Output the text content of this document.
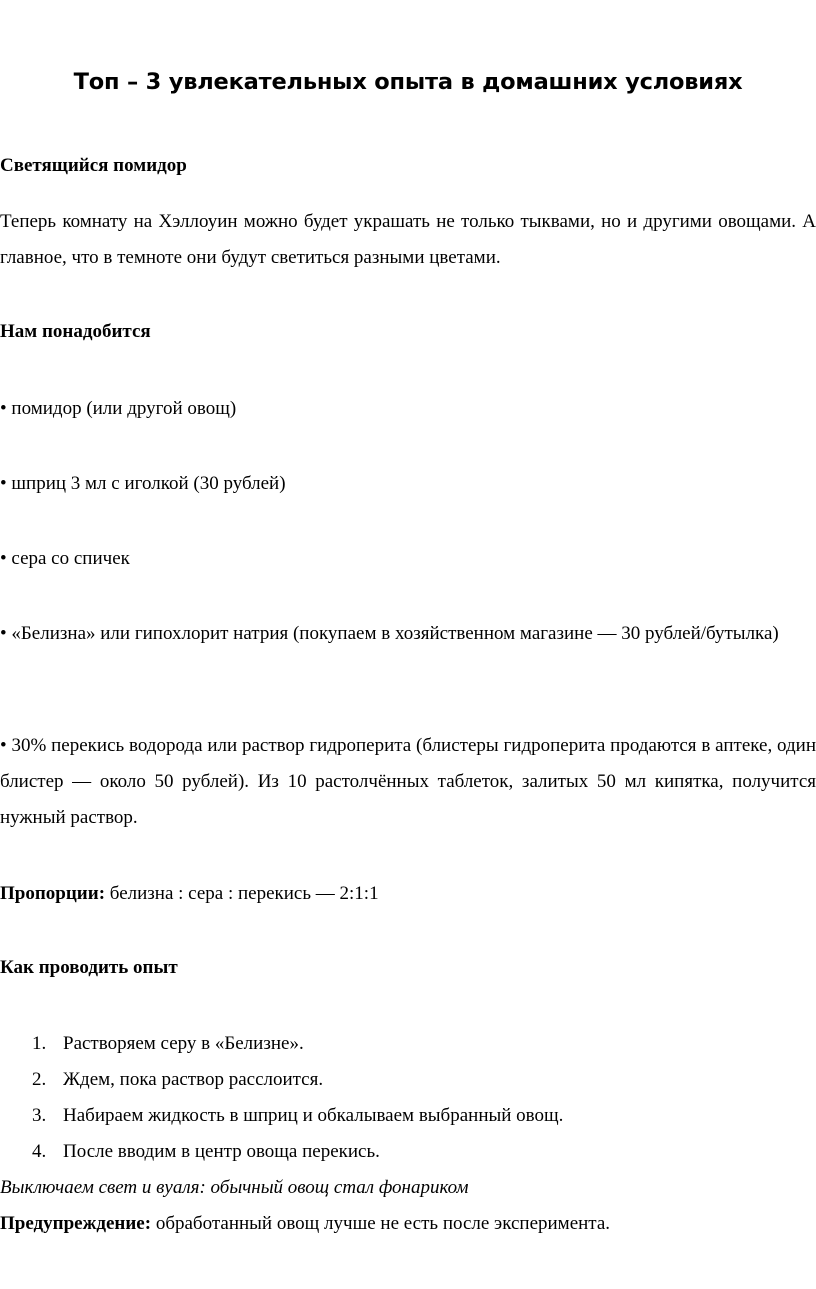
Топ – 3 увлекательных опыта в домашних условиях
Светящийся помидор
Теперь комнату на Хэллоуин можно будет украшать не только тыквами, но и другими овощами. А главное, что в темноте они будут светиться разными цветами.
Нам понадобится
• помидор (или другой овощ)
• шприц 3 мл с иголкой (30 рублей)
• сера со спичек
• «Белизна» или гипохлорит натрия (покупаем в хозяйственном магазине — 30 рублей/бутылка)
• 30% перекись водорода или раствор гидроперита (блистеры гидроперита продаются в аптеке, один блистер — около 50 рублей). Из 10 растолчённых таблеток, залитых 50 мл кипятка, получится нужный раствор.
Пропорции: белизна : сера : перекись — 2:1:1
Как проводить опыт
1. Растворяем серу в «Белизне».
2. Ждем, пока раствор расслоится.
3. Набираем жидкость в шприц и обкалываем выбранный овощ.
4. После вводим в центр овоща перекись.
Выключаем свет и вуаля: обычный овощ стал фонариком
Предупреждение: обработанный овощ лучше не есть после эксперимента.
